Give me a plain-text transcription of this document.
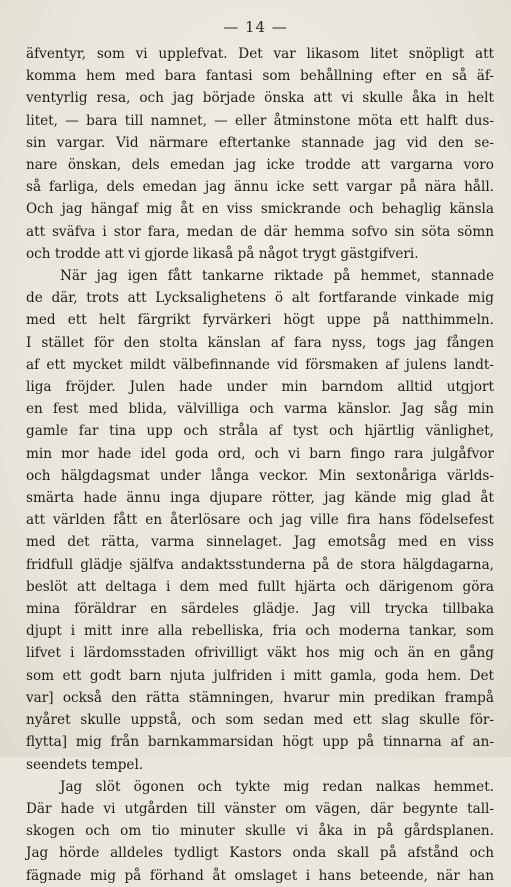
— 14 —
äfventyr, som vi upplefvat. Det var likasom litet snöpligt att
komma hem med bara fantasi som behållning efter en så äf-
ventyrlig resa, och jag började önska att vi skulle åka in helt
litet, — bara till namnet, — eller åtminstone möta ett halft dus-
sin vargar. Vid närmare eftertanke stannade jag vid den se-
nare önskan, dels emedan jag icke trodde att vargarna voro
så farliga, dels emedan jag ännu icke sett vargar på nära håll.
Och jag hängaf mig åt en viss smickrande och behaglig känsla
att sväfva i stor fara, medan de där hemma sofvo sin söta sömn
och trodde att vi gjorde likaså på något trygt gästgifveri.
När jag igen fått tankarne riktade på hemmet, stannade
de där, trots att Lycksalighetens ö alt fortfarande vinkade mig
med ett helt färgrikt fyrvärkeri högt uppe på natthimmeln.
I stället för den stolta känslan af fara nyss, togs jag fången
af ett mycket mildt välbefinnande vid försmaken af julens landt-
liga fröjder. Julen hade under min barndom alltid utgjort
en fest med blida, välvilliga och varma känslor. Jag såg min
gamle far tina upp och stråla af tyst och hjärtlig vänlighet,
min mor hade idel goda ord, och vi barn fingo rara julgåfvor
och hälgdagsmat under långa veckor. Min sextonåriga världs-
smärta hade ännu inga djupare rötter, jag kände mig glad åt
att världen fått en återlösare och jag ville fira hans födelsefest
med det rätta, varma sinnelaget. Jag emotsåg med en viss
fridfull glädje själfva andaktsstunderna på de stora hälgdagarna,
beslöt att deltaga i dem med fullt hjärta och därigenom göra
mina föräldrar en särdeles glädje. Jag vill trycka tillbaka
djupt i mitt inre alla rebelliska, fria och moderna tankar, som
lifvet i lärdomsstaden ofrivilligt väkt hos mig och än en gång
som ett godt barn njuta julfriden i mitt gamla, goda hem. Det
var] också den rätta stämningen, hvarur min predikan frampå
nyåret skulle uppstå, och som sedan med ett slag skulle för-
flytta] mig från barnkammarsidan högt upp på tinnarna af an-
seendets tempel.
Jag slöt ögonen och tykte mig redan nalkas hemmet.
Där hade vi utgården till vänster om vägen, där begynte tall-
skogen och om tio minuter skulle vi åka in på gårdsplanen.
Jag hörde alldeles tydligt Kastors onda skall på afstånd och
fägnade mig på förhand åt omslaget i hans beteende, när han
